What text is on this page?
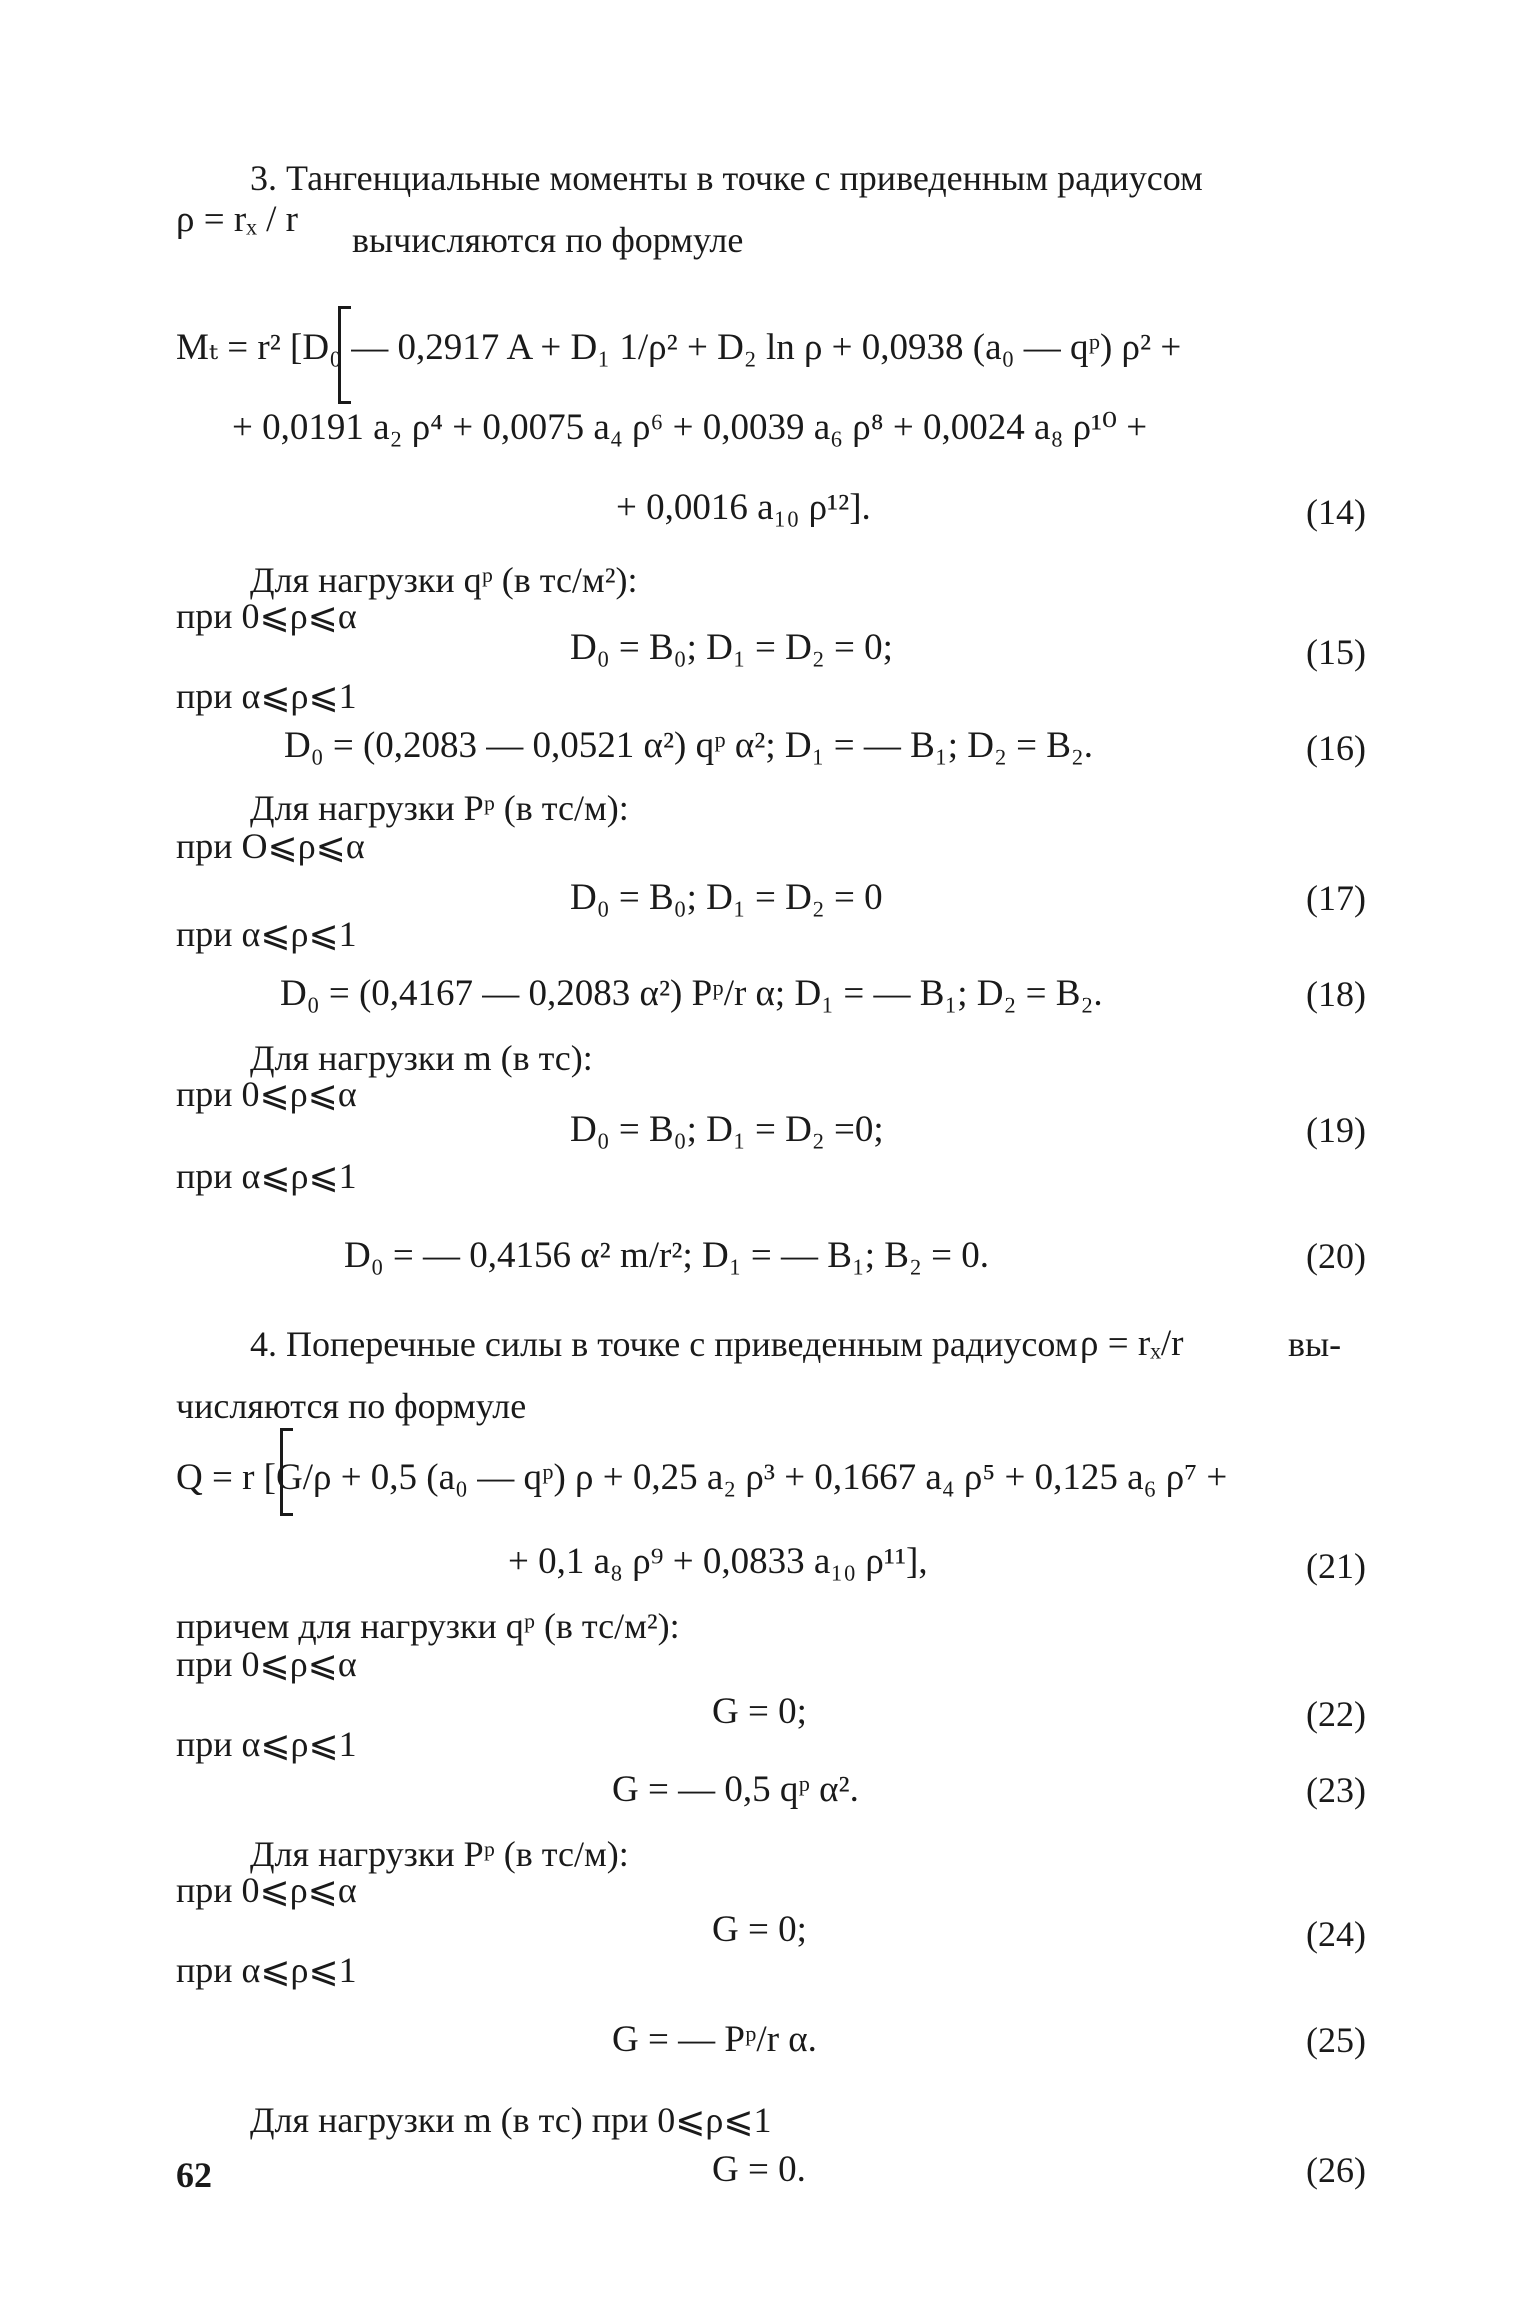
3. Тангенциальные моменты в точке с приведенным радиусом
ρ = rₓ / r вычисляются по формуле
Mₜ = r² [D₀ — 0,2917 A + D₁ 1/ρ² + D₂ ln ρ + 0,0938 (a₀ — qᵖ) ρ² +
+ 0,0191 a₂ ρ⁴ + 0,0075 a₄ ρ⁶ + 0,0039 a₆ ρ⁸ + 0,0024 a₈ ρ¹⁰ +
+ 0,0016 a₁₀ ρ¹²].	(14)
Для нагрузки qᵖ (в тс/м²):
при 0⩽ρ⩽α
D₀ = B₀; D₁ = D₂ = 0;	(15)
при α⩽ρ⩽1
D₀ = (0,2083 — 0,0521 α²) qᵖ α²; D₁ = — B₁; D₂ = B₂.	(16)
Для нагрузки Pᵖ (в тс/м):
при O⩽ρ⩽α
D₀ = B₀; D₁ = D₂ = 0	(17)
при α⩽ρ⩽1
D₀ = (0,4167 — 0,2083 α²) Pᵖ/r α; D₁ = — B₁; D₂ = B₂.	(18)
Для нагрузки m (в тс):
при 0⩽ρ⩽α
D₀ = B₀; D₁ = D₂ =0;	(19)
при α⩽ρ⩽1
D₀ = — 0,4156 α² m/r²; D₁ = — B₁; B₂ = 0.	(20)
4. Поперечные силы в точке с приведенным радиусом ρ = rₓ/r	вы-
числяются по формуле
Q = r [G/ρ + 0,5 (a₀ — qᵖ) ρ + 0,25 a₂ ρ³ + 0,1667 a₄ ρ⁵ + 0,125 a₆ ρ⁷ +
+ 0,1 a₈ ρ⁹ + 0,0833 a₁₀ ρ¹¹],	(21)
причем для нагрузки qᵖ (в тс/м²):
при 0⩽ρ⩽α
G = 0;	(22)
при α⩽ρ⩽1
G = — 0,5 qᵖ α².	(23)
Для нагрузки Pᵖ (в тс/м):
при 0⩽ρ⩽α
G = 0;	(24)
при α⩽ρ⩽1
G = — Pᵖ/r α.	(25)
Для нагрузки m (в тс) при 0⩽ρ⩽1
G = 0.	(26)
62
